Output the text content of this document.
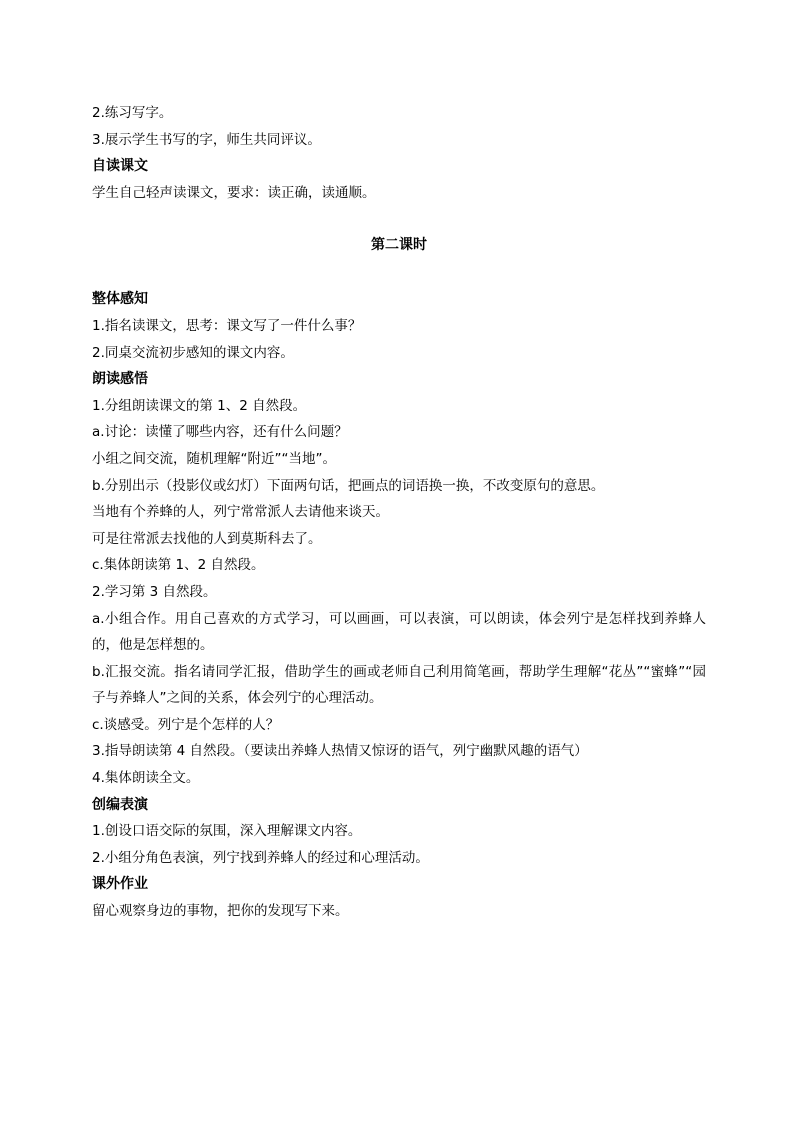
2.练习写字。
3.展示学生书写的字，师生共同评议。
自读课文
学生自己轻声读课文，要求：读正确，读通顺。
第二课时
整体感知
1.指名读课文，思考：课文写了一件什么事？
2.同桌交流初步感知的课文内容。
朗读感悟
1.分组朗读课文的第 1、2 自然段。
a.讨论：读懂了哪些内容，还有什么问题？
小组之间交流，随机理解“附近”“当地”。
b.分别出示（投影仪或幻灯）下面两句话，把画点的词语换一换，不改变原句的意思。
当地有个养蜂的人，列宁常常派人去请他来谈天。
可是往常派去找他的人到莫斯科去了。
c.集体朗读第 1、2 自然段。
2.学习第 3 自然段。
a.小组合作。用自己喜欢的方式学习，可以画画，可以表演，可以朗读，体会列宁是怎样找到养蜂人的，他是怎样想的。
b.汇报交流。指名请同学汇报，借助学生的画或老师自己利用简笔画，帮助学生理解“花丛”“蜜蜂”“园子与养蜂人”之间的关系，体会列宁的心理活动。
c.谈感受。列宁是个怎样的人？
3.指导朗读第 4 自然段。（要读出养蜂人热情又惊讶的语气，列宁幽默风趣的语气）
4.集体朗读全文。
创编表演
1.创设口语交际的氛围，深入理解课文内容。
2.小组分角色表演，列宁找到养蜂人的经过和心理活动。
课外作业
留心观察身边的事物，把你的发现写下来。
